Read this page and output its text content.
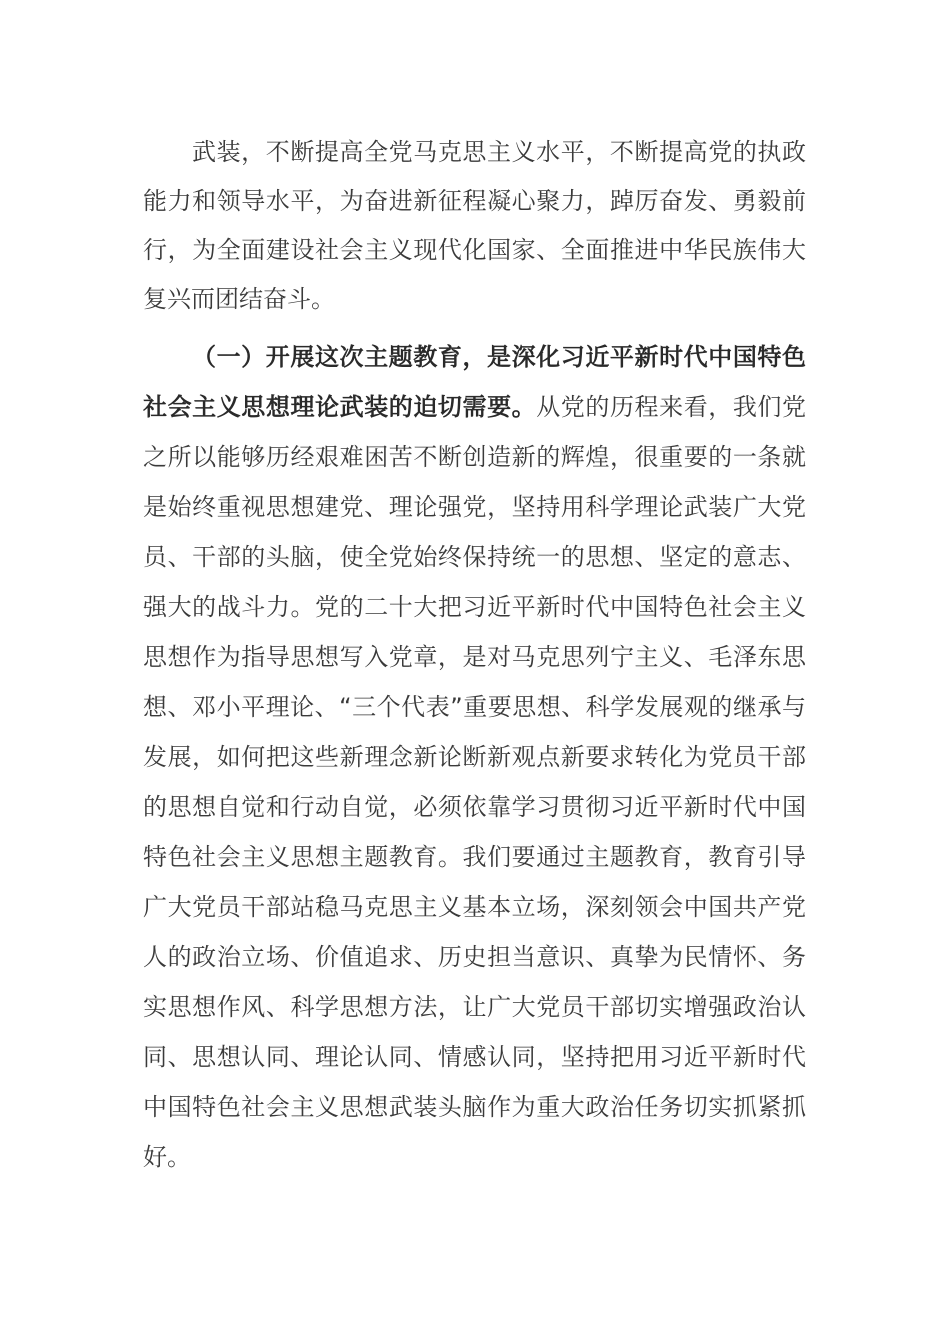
武装，不断提高全党马克思主义水平，不断提高党的执政
能力和领导水平，为奋进新征程凝心聚力，踔厉奋发、勇毅前
行，为全面建设社会主义现代化国家、全面推进中华民族伟大
复兴而团结奋斗。
（一）开展这次主题教育，是深化习近平新时代中国特色
社会主义思想理论武装的迫切需要。从党的历程来看，我们党
之所以能够历经艰难困苦不断创造新的辉煌，很重要的一条就
是始终重视思想建党、理论强党，坚持用科学理论武装广大党
员、干部的头脑，使全党始终保持统一的思想、坚定的意志、
强大的战斗力。党的二十大把习近平新时代中国特色社会主义
思想作为指导思想写入党章，是对马克思列宁主义、毛泽东思
想、邓小平理论、“三个代表”重要思想、科学发展观的继承与
发展，如何把这些新理念新论断新观点新要求转化为党员干部
的思想自觉和行动自觉，必须依靠学习贯彻习近平新时代中国
特色社会主义思想主题教育。我们要通过主题教育，教育引导
广大党员干部站稳马克思主义基本立场，深刻领会中国共产党
人的政治立场、价值追求、历史担当意识、真挚为民情怀、务
实思想作风、科学思想方法，让广大党员干部切实增强政治认
同、思想认同、理论认同、情感认同，坚持把用习近平新时代
中国特色社会主义思想武装头脑作为重大政治任务切实抓紧抓
好。
